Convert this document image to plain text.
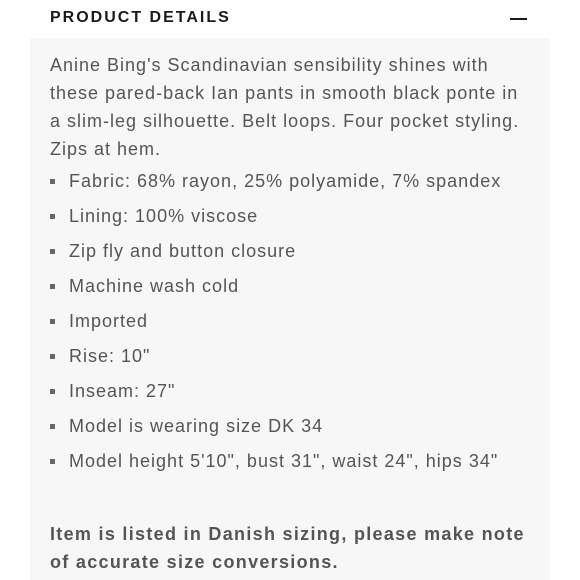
PRODUCT DETAILS
Anine Bing's Scandinavian sensibility shines with these pared-back Ian pants in smooth black ponte in a slim-leg silhouette. Belt loops. Four pocket styling. Zips at hem.
Fabric: 68% rayon, 25% polyamide, 7% spandex
Lining: 100% viscose
Zip fly and button closure
Machine wash cold
Imported
Rise: 10"
Inseam: 27"
Model is wearing size DK 34
Model height 5'10", bust 31", waist 24", hips 34"
Item is listed in Danish sizing, please make note of accurate size conversions.
